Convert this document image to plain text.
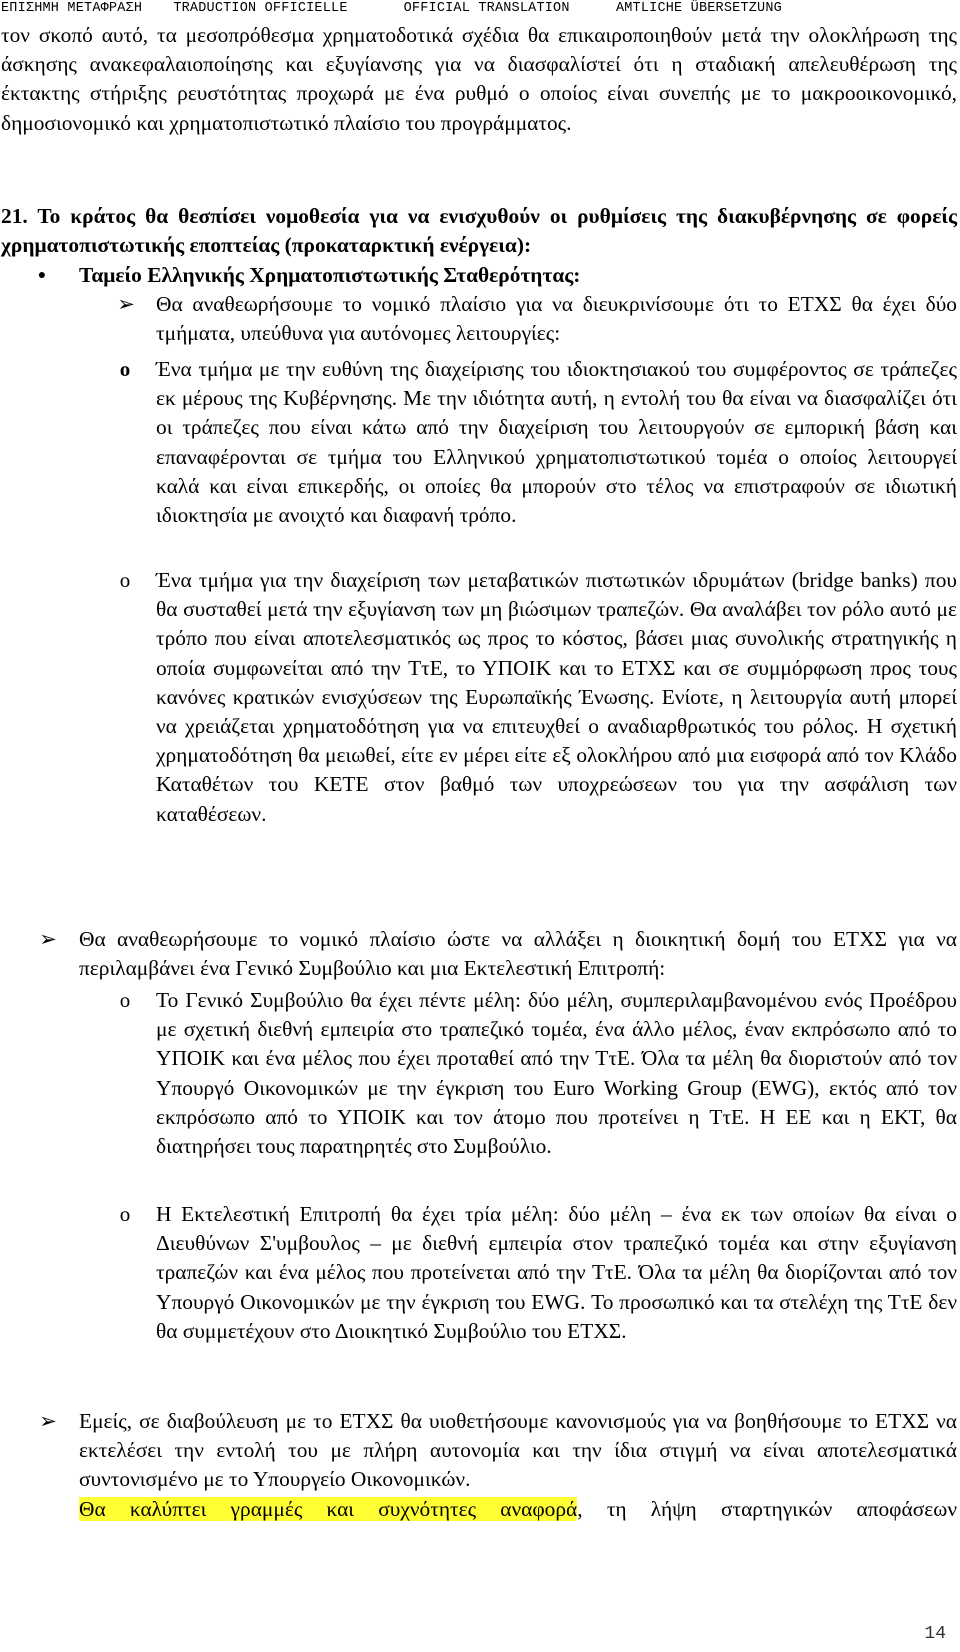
ΕΠΙΣΗΜΗ ΜΕΤΑΦΡΑΣΗ TRADUCTION OFFICIELLE	OFFICIAL TRANSLATION	AMTLICHE ÜBERSETZUNG

τον σκοπό αυτό, τα μεσοπρόθεσμα χρηματοδοτικά σχέδια θα επικαιροποιηθούν μετά την ολοκλήρωση της άσκησης ανακεφαλαιοποίησης και εξυγίανσης για να διασφαλίστεί ότι η σταδιακή απελευθέρωση της έκτακτης στήριξης ρευστότητας προχωρά με ένα ρυθμό ο οποίος είναι συνεπής με το μακροοικονομικό, δημοσιονομικό και χρηματοπιστωτικό πλαίσιο του προγράμματος.

21. Το κράτος θα θεσπίσει νομοθεσία για να ενισχυθούν οι ρυθμίσεις της διακυβέρνησης σε φορείς χρηματοπιστωτικής εποπτείας (προκαταρκτική ενέργεια):

●	Ταμείο Ελληνικής Χρηματοπιστωτικής Σταθερότητας:

➢ Θα αναθεωρήσουμε το νομικό πλαίσιο για να διευκρινίσουμε ότι το ΕΤΧΣ θα έχει δύο τμήματα, υπεύθυνα για αυτόνομες λειτουργίες:

o	Ένα τμήμα με την ευθύνη της διαχείρισης του ιδιοκτησιακού του συμφέροντος σε τράπεζες εκ μέρους της Κυβέρνησης. Με την ιδιότητα αυτή, η εντολή του θα είναι να διασφαλίζει ότι οι τράπεζες που είναι κάτω από την διαχείριση του λειτουργούν σε εμπορική βάση και επαναφέρονται σε τμήμα του Ελληνικού χρηματοπιστωτικού τομέα ο οποίος λειτουργεί καλά και είναι επικερδής, οι οποίες θα μπορούν στο τέλος να επιστραφούν σε ιδιωτική ιδιοκτησία με ανοιχτό και διαφανή τρόπο.

o	Ένα τμήμα για την διαχείριση των μεταβατικών πιστωτικών ιδρυμάτων (bridge banks) που θα συσταθεί μετά την εξυγίανση των μη βιώσιμων τραπεζών. Θα αναλάβει τον ρόλο αυτό με τρόπο που είναι αποτελεσματικός ως προς το κόστος, βάσει μιας συνολικής στρατηγικής η οποία συμφωνείται από την ΤτΕ, το ΥΠΟΙΚ και το ΕΤΧΣ και σε συμμόρφωση προς τους κανόνες κρατικών ενισχύσεων της Ευρωπαϊκής Ένωσης. Ενίοτε, η λειτουργία αυτή μπορεί να χρειάζεται χρηματοδότηση για να επιτευχθεί ο αναδιαρθρωτικός του ρόλος. Η σχετική χρηματοδότηση θα μειωθεί, είτε εν μέρει είτε εξ ολοκλήρου από μια εισφορά από τον Κλάδο Καταθέτων του ΚΕΤΕ στον βαθμό των υποχρεώσεων του για την ασφάλιση των καταθέσεων.

➢ Θα αναθεωρήσουμε το νομικό πλαίσιο ώστε να αλλάξει η διοικητική δομή του ΕΤΧΣ για να περιλαμβάνει ένα Γενικό Συμβούλιο και μια Εκτελεστική Επιτροπή:

o	Το Γενικό Συμβούλιο θα έχει πέντε μέλη: δύο μέλη, συμπεριλαμβανομένου ενός Προέδρου με σχετική διεθνή εμπειρία στο τραπεζικό τομέα, ένα άλλο μέλος, έναν εκπρόσωπο από το ΥΠΟΙΚ και ένα μέλος που έχει προταθεί από την ΤτΕ. Όλα τα μέλη θα διοριστούν από τον Υπουργό Οικονομικών με την έγκριση του Euro Working Group (EWG), εκτός από τον εκπρόσωπο από το ΥΠΟΙΚ και τον άτομο που προτείνει η ΤτΕ. Η ΕΕ και η ΕΚΤ, θα διατηρήσει τους παρατηρητές στο Συμβούλιο.

o	Η Εκτελεστική Επιτροπή θα έχει τρία μέλη: δύο μέλη – ένα εκ των οποίων θα είναι ο Διευθύνων Σ'υμβουλος – με διεθνή εμπειρία στον τραπεζικό τομέα και στην εξυγίανση τραπεζών και ένα μέλος που προτείνεται από την ΤτΕ. Όλα τα μέλη θα διορίζονται από τον Υπουργό Οικονομικών με την έγκριση του EWG. Το προσωπικό και τα στελέχη της ΤτΕ δεν θα συμμετέχουν στο Διοικητικό Συμβούλιο του ΕΤΧΣ.

➢ Εμείς, σε διαβούλευση με το ΕΤΧΣ θα υιοθετήσουμε κανονισμούς για να βοηθήσουμε το ΕΤΧΣ να εκτελέσει την εντολή του με πλήρη αυτονομία και την ίδια στιγμή να είναι αποτελεσματικά συντονισμένο με το Υπουργείο Οικονομικών.

Θα καλύπτει γραμμές και συχνότητες αναφορά, τη λήψη σταρτηγικών αποφάσεων

14
